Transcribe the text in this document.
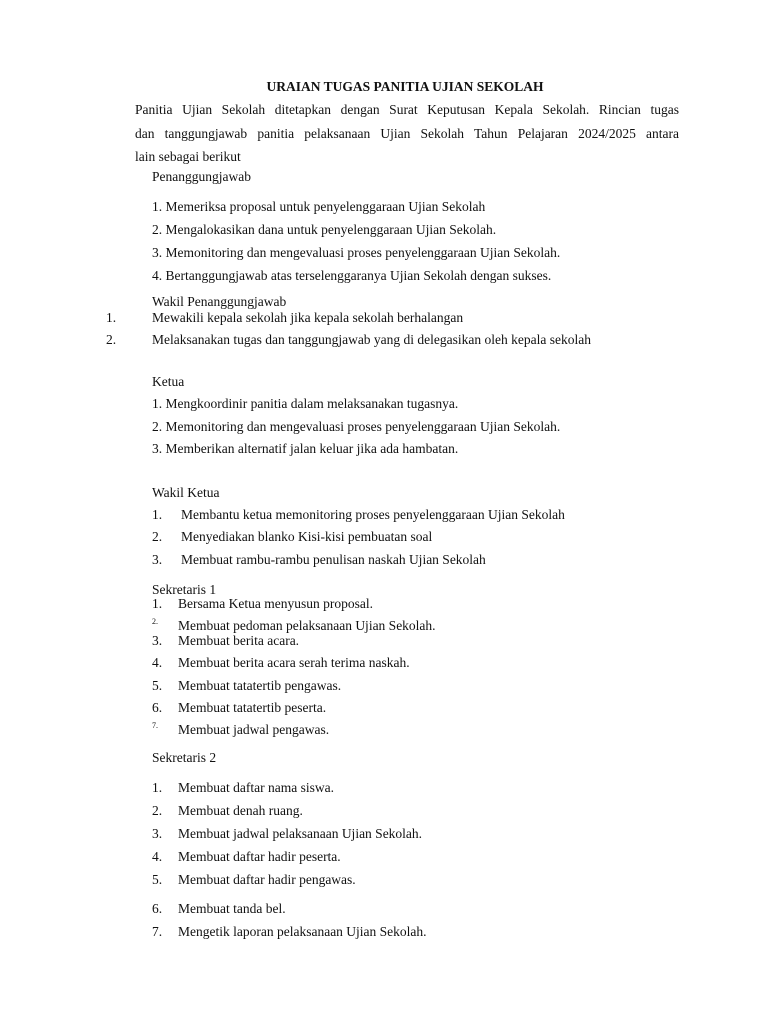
URAIAN TUGAS PANITIA UJIAN SEKOLAH
Panitia Ujian Sekolah ditetapkan dengan Surat Keputusan Kepala Sekolah. Rincian tugas
dan tanggungjawab panitia pelaksanaan Ujian Sekolah Tahun Pelajaran 2024/2025 antara
lain sebagai berikut
Penanggungjawab
1. Memeriksa proposal untuk penyelenggaraan Ujian Sekolah
2. Mengalokasikan dana untuk penyelenggaraan Ujian Sekolah.
3. Memonitoring dan mengevaluasi proses penyelenggaraan Ujian Sekolah.
4. Bertanggungjawab atas terselenggaranya Ujian Sekolah dengan sukses.
Wakil Penanggungjawab
1.	Mewakili kepala sekolah jika kepala sekolah berhalangan
2.	Melaksanakan tugas dan tanggungjawab yang di delegasikan oleh kepala sekolah
Ketua
1. Mengkoordinir panitia dalam melaksanakan tugasnya.
2. Memonitoring dan mengevaluasi proses penyelenggaraan Ujian Sekolah.
3. Memberikan alternatif jalan keluar jika ada hambatan.
Wakil Ketua
1. Membantu ketua memonitoring proses penyelenggaraan Ujian Sekolah
2. Menyediakan blanko Kisi-kisi pembuatan soal
3. Membuat rambu-rambu penulisan naskah Ujian Sekolah
Sekretaris 1
1. Bersama Ketua menyusun proposal.
2. Membuat pedoman pelaksanaan Ujian Sekolah.
3. Membuat berita acara.
4. Membuat berita acara serah terima naskah.
5. Membuat tatatertib pengawas.
6. Membuat tatatertib peserta.
7. Membuat jadwal pengawas.
Sekretaris 2
1. Membuat daftar nama siswa.
2. Membuat denah ruang.
3. Membuat jadwal pelaksanaan Ujian Sekolah.
4. Membuat daftar hadir peserta.
5. Membuat daftar hadir pengawas.
6. Membuat tanda bel.
7. Mengetik laporan pelaksanaan Ujian Sekolah.
